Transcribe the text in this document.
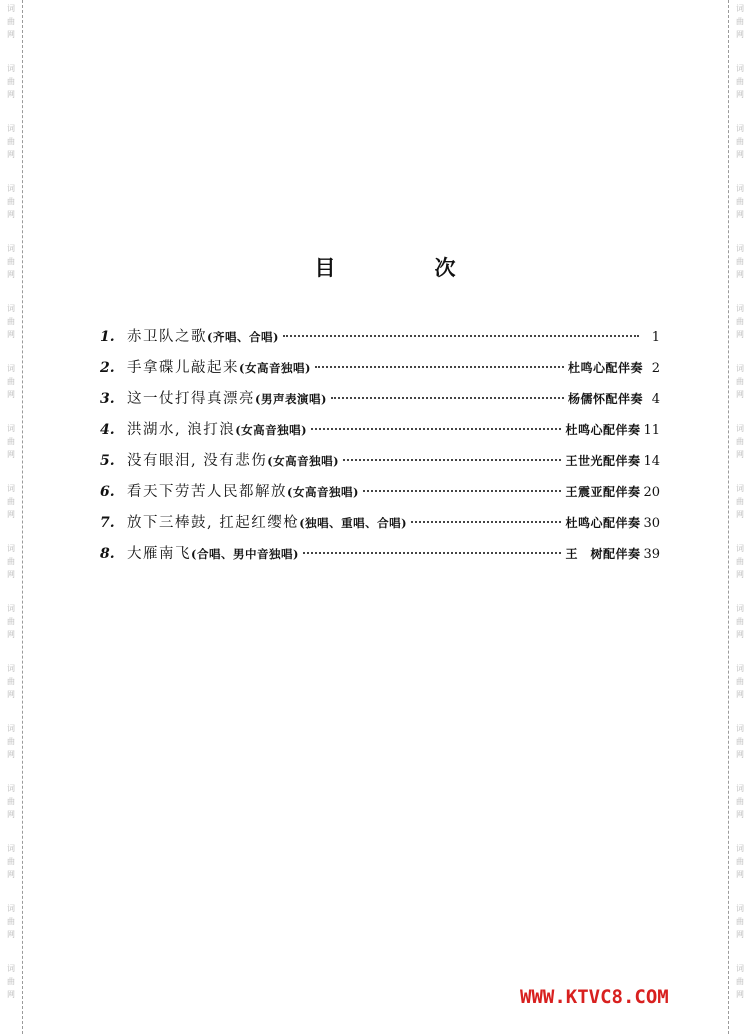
词
曲
网
词
曲
网
词
曲
网
词
曲
网
词
曲
网
词
曲
网
词
曲
网
词
曲
网
词
曲
网
词
曲
网
词
曲
网
词
曲
网
词
曲
网
词
曲
网
词
曲
网
词
曲
网
词
曲
网
词
曲
网
词
曲
网
词
曲
网
词
曲
网
词
曲
网
词
曲
网
词
曲
网
词
曲
网
词
曲
网
词
曲
网
词
曲
网
词
曲
网
词
曲
网
词
曲
网
词
曲
网
词
曲
网
词
曲
网
目	次
1. 赤卫队之歌 (齐唱、合唱)	1
2. 手拿碟儿敲起来 (女高音独唱)	杜鸣心配伴奏 2
3. 这一仗打得真漂亮 (男声表演唱)	杨儒怀配伴奏 4
4. 洪湖水, 浪打浪 (女高音独唱)	杜鸣心配伴奏 11
5. 没有眼泪, 没有悲伤 (女高音独唱)	王世光配伴奏 14
6. 看天下劳苦人民都解放 (女高音独唱)	王震亚配伴奏 20
7. 放下三棒鼓, 扛起红缨枪 (独唱、重唱、合唱)	杜鸣心配伴奏 30
8. 大雁南飞 (合唱、男中音独唱)	王　树配伴奏 39
WWW.KTVC8.COM
